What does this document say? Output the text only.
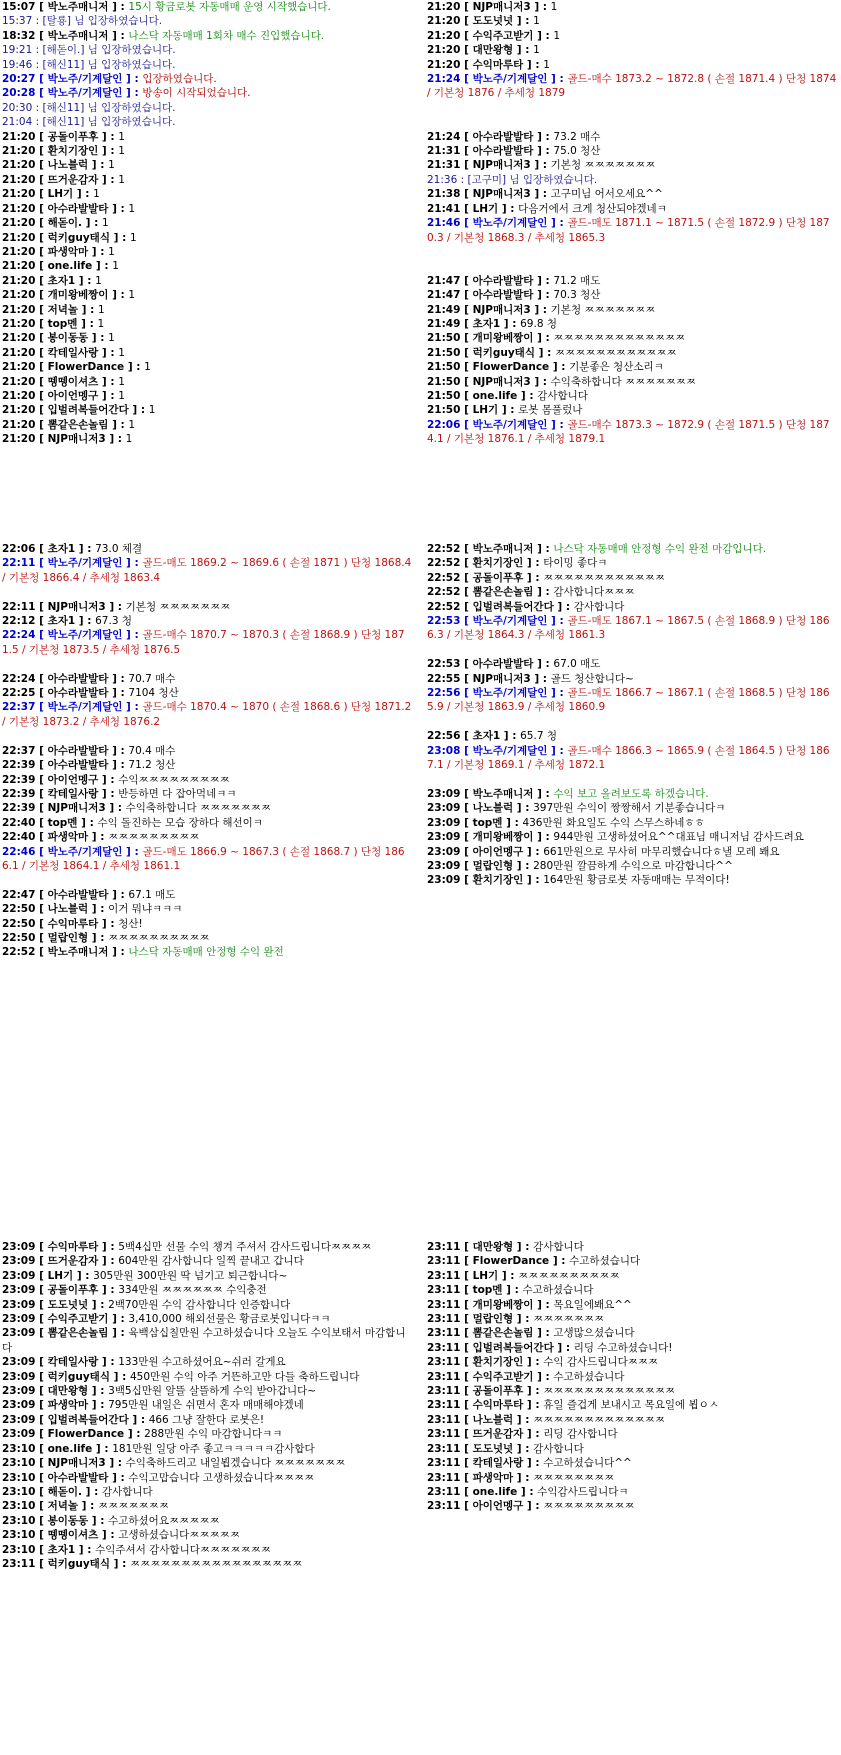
15:07 [ 박노주매니저 ] : 15시 황금로봇 자동매매 운영 시작했습니다.
15:37 : [탈룡] 님 입장하였습니다.
18:32 [ 박노주매니저 ] : 나스닥 자동매매 1회차 매수 진입했습니다.
19:21 : [해돋이.] 님 입장하였습니다.
19:46 : [해신11] 님 입장하였습니다.
20:27 [ 박노주/기계달인 ] : 입장하였습니다.
20:28 [ 박노주/기계달인 ] : 방송이 시작되었습니다.
20:30 : [해신11] 님 입장하였습니다.
21:04 : [해신11] 님 입장하였습니다.
21:20 [ 공돌이푸후 ] : 1
21:20 [ 환치기장인 ] : 1
21:20 [ 나노블럭 ] : 1
21:20 [ 뜨거운감자 ] : 1
21:20 [ LH기 ] : 1
21:20 [ 아수라발발타 ] : 1
21:20 [ 해돋이. ] : 1
21:20 [ 럭키guy태식 ] : 1
21:20 [ 파생악마 ] : 1
21:20 [ one.life ] : 1
21:20 [ 초자1 ] : 1
21:20 [ 개미왕베짱이 ] : 1
21:20 [ 저녁놀 ] : 1
21:20 [ top멘 ] : 1
21:20 [ 봉이동동 ] : 1
21:20 [ 칵테일사랑 ] : 1
21:20 [ FlowerDance ] : 1
21:20 [ 뗑뗑이셔츠 ] : 1
21:20 [ 아이언멩구 ] : 1
21:20 [ 입벌려복들어간다 ] : 1
21:20 [ 뽐같은손놀림 ] : 1
21:20 [ NJP매니저3 ] : 1
21:20 [ NJP매니저3 ] : 1
21:20 [ 도도넛넛 ] : 1
21:20 [ 수익주고받기 ] : 1
21:20 [ 대만왕형 ] : 1
21:20 [ 수익마루타 ] : 1
21:24 [ 박노주/기계달인 ] : 골드-매수 1873.2 ~ 1872.8 ( 손절 1871.4 ) 단청 1874 / 기본청 1876 / 추세청 1879

21:24 [ 아수라발발타 ] : 73.2 매수
21:31 [ 아수라발발타 ] : 75.0 청산
21:31 [ NJP매니저3 ] : 기본청 ㅉㅉㅉㅉㅉㅉㅉ
21:36 : [고구미] 님 입장하였습니다.
21:38 [ NJP매니저3 ] : 고구미님 어서오세요^^
21:41 [ LH기 ] : 다음거에서 크게 청산되야겠네ㅋ
21:46 [ 박노주/기계달인 ] : 골드-매도 1871.1 ~ 1871.5 ( 손절 1872.9 ) 단청 1870.3 / 기본청 1868.3 / 추세청 1865.3

21:47 [ 아수라발발타 ] : 71.2 매도
21:47 [ 아수라발발타 ] : 70.3 청산
21:49 [ NJP매니저3 ] : 기본청 ㅉㅉㅉㅉㅉㅉㅉ
21:49 [ 초자1 ] : 69.8 청
21:50 [ 개미왕베짱이 ] : ㅉㅉㅉㅉㅉㅉㅉㅉㅉㅉㅉㅉㅉ
21:50 [ 럭키guy태식 ] : ㅉㅉㅉㅉㅉㅉㅉㅉㅉㅉㅉㅉ
21:50 [ FlowerDance ] : 기분좋은 청산소리ㅋ
21:50 [ NJP매니저3 ] : 수익축하합니다 ㅉㅉㅉㅉㅉㅉㅉ
21:50 [ one.life ] : 감사합니다
21:50 [ LH기 ] : 로봇 몸풀렀나
22:06 [ 박노주/기계달인 ] : 골드-매수 1873.3 ~ 1872.9 ( 손절 1871.5 ) 단청 1874.1 / 기본청 1876.1 / 추세청 1879.1
22:06 [ 초자1 ] : 73.0 체결
22:11 [ 박노주/기계달인 ] : 골드-매도 1869.2 ~ 1869.6 ( 손절 1871 ) 단청 1868.4 / 기본청 1866.4 / 추세청 1863.4

22:11 [ NJP매니저3 ] : 기본청 ㅉㅉㅉㅉㅉㅉㅉ
22:12 [ 초자1 ] : 67.3 청
22:24 [ 박노주/기계달인 ] : 골드-매수 1870.7 ~ 1870.3 ( 손절 1868.9 ) 단청 1871.5 / 기본청 1873.5 / 추세청 1876.5

22:24 [ 아수라발발타 ] : 70.7 매수
22:25 [ 아수라발발타 ] : 7104 청산
22:37 [ 박노주/기계달인 ] : 골드-매수 1870.4 ~ 1870 ( 손절 1868.6 ) 단청 1871.2 / 기본청 1873.2 / 추세청 1876.2

22:37 [ 아수라발발타 ] : 70.4 매수
22:39 [ 아수라발발타 ] : 71.2 청산
22:39 [ 아이언멩구 ] : 수익ㅉㅉㅉㅉㅉㅉㅉㅉㅉ
22:39 [ 칵테일사랑 ] : 반등하면 다 잡아먹네ㅋㅋ
22:39 [ NJP매니저3 ] : 수익축하합니다 ㅉㅉㅉㅉㅉㅉㅉ
22:40 [ top멘 ] : 수익 돌진하는 모습 장하다 해선이ㅋ
22:40 [ 파생악마 ] : ㅉㅉㅉㅉㅉㅉㅉㅉㅉ
22:46 [ 박노주/기계달인 ] : 골드-매도 1866.9 ~ 1867.3 ( 손절 1868.7 ) 단청 1866.1 / 기본청 1864.1 / 추세청 1861.1

22:47 [ 아수라발발타 ] : 67.1 매도
22:50 [ 나노블럭 ] : 이거 뭐냐ㅋㅋㅋ
22:50 [ 수익마루타 ] : 청산!
22:50 [ 멀랍인형 ] : ㅉㅉㅉㅉㅉㅉㅉㅉㅉㅉ
22:52 [ 박노주매니저 ] : 나스닥 자동매매 안정형 수익 완전
22:52 [ 박노주매니저 ] : 나스닥 자동매매 안정형 수익 완전 마감입니다.
22:52 [ 환치기장인 ] : 타이밍 좋다ㅋ
22:52 [ 공돌이푸후 ] : ㅉㅉㅉㅉㅉㅉㅉㅉㅉㅉㅉㅉ
22:52 [ 뽐같은손놀림 ] : 감사합니다ㅉㅉㅉ
22:52 [ 입벌려복들어간다 ] : 감사합니다
22:53 [ 박노주/기계달인 ] : 골드-매도 1867.1 ~ 1867.5 ( 손절 1868.9 ) 단청 1866.3 / 기본청 1864.3 / 추세청 1861.3

22:53 [ 아수라발발타 ] : 67.0 매도
22:55 [ NJP매니저3 ] : 골드 청산합니다~
22:56 [ 박노주/기계달인 ] : 골드-매도 1866.7 ~ 1867.1 ( 손절 1868.5 ) 단청 1865.9 / 기본청 1863.9 / 추세청 1860.9

22:56 [ 초자1 ] : 65.7 청
23:08 [ 박노주/기계달인 ] : 골드-매수 1866.3 ~ 1865.9 ( 손절 1864.5 ) 단청 1867.1 / 기본청 1869.1 / 추세청 1872.1

23:09 [ 박노주매니저 ] : 수익 보고 올려보도록 하겠습니다.
23:09 [ 나노블럭 ] : 397만원 수익이 짱짱해서 기분좋습니다ㅋ
23:09 [ top멘 ] : 436만원 화요일도 수익 스무스하네ㅎㅎ
23:09 [ 개미왕베짱이 ] : 944만원 고생하셨어요^^대표님 매니저님 감사드려요
23:09 [ 아이언멩구 ] : 661만원으로 무사히 마무리했습니다ㅎ낼 모레 봬요
23:09 [ 멀랍인형 ] : 280만원 깔끔하게 수익으로 마감합니다^^
23:09 [ 환치기장인 ] : 164만원 황금로봇 자동매매는 무적이다!
23:09 [ 수익마루타 ] : 5백4십만 선물 수익 챙겨 주셔서 감사드립니다ㅉㅉㅉㅉ
23:09 [ 뜨거운감자 ] : 604만원 감사합니다 일찍 끝내고 갑니다
23:09 [ LH기 ] : 305만원 300만원 딱 넘기고 퇴근합니다~
23:09 [ 공돌이푸후 ] : 334만원 ㅉㅉㅉㅉㅉㅉ 수익충전
23:09 [ 도도넛넛 ] : 2백70만원 수익 감사합니다 인증합니다
23:09 [ 수익주고받기 ] : 3,410,000 해외선물은 황금로봇입니다ㅋㅋ
23:09 [ 뽐같은손놀림 ] : 육백삼십칠만원 수고하셨습니다 오늘도 수익보태서 마감합니다
23:09 [ 칵테일사랑 ] : 133만원 수고하셨어요~쉬러 갈게요
23:09 [ 럭키guy태식 ] : 450만원 수익 아주 거뜬하고만 다들 축하드립니다
23:09 [ 대만왕형 ] : 3백5십만원 알뜰 살뜰하게 수익 받아갑니다~
23:09 [ 파생악마 ] : 795만원 내일은 쉬면서 혼자 매매해야겠네
23:09 [ 입벌려복들어간다 ] : 466 그냥 잘한다 로봇은!
23:09 [ FlowerDance ] : 288만원 수익 마감합니다ㅋㅋ
23:10 [ one.life ] : 181만원 일당 아주 좋고ㅋㅋㅋㅋㅋ감사합다
23:10 [ NJP매니저3 ] : 수익축하드리고 내일뵙겠습니다 ㅉㅉㅉㅉㅉㅉㅉ
23:10 [ 아수라발발타 ] : 수익고맙습니다 고생하셨습니다ㅉㅉㅉㅉ
23:10 [ 해돋이. ] : 감사합니다
23:10 [ 저녁놀 ] : ㅉㅉㅉㅉㅉㅉㅉ
23:10 [ 봉이동동 ] : 수고하셨어요ㅉㅉㅉㅉㅉ
23:10 [ 뗑뗑이셔츠 ] : 고생하셨습니다ㅉㅉㅉㅉㅉ
23:10 [ 초자1 ] : 수익주셔서 감사합니다ㅉㅉㅉㅉㅉㅉㅉ
23:11 [ 럭키guy태식 ] : ㅉㅉㅉㅉㅉㅉㅉㅉㅉㅉㅉㅉㅉㅉㅉㅉㅉ
23:11 [ 대만왕형 ] : 감사합니다
23:11 [ FlowerDance ] : 수고하셨습니다
23:11 [ LH기 ] : ㅉㅉㅉㅉㅉㅉㅉㅉㅉㅉ
23:11 [ top멘 ] : 수고하셨습니다
23:11 [ 개미왕베짱이 ] : 목요일에봬요^^
23:11 [ 멀랍인형 ] : ㅉㅉㅉㅉㅉㅉㅉ
23:11 [ 뽐같은손놀림 ] : 고생많으셨습니다
23:11 [ 입벌려복들어간다 ] : 리딩 수고하셨습니다!
23:11 [ 환치기장인 ] : 수익 감사드립니다ㅉㅉㅉ
23:11 [ 수익주고받기 ] : 수고하셨습니다
23:11 [ 공돌이푸후 ] : ㅉㅉㅉㅉㅉㅉㅉㅉㅉㅉㅉㅉㅉ
23:11 [ 수익마루타 ] : 휴일 즐겁게 보내시고 목요일에 뵙ㅇㅅ
23:11 [ 나노블럭 ] : ㅉㅉㅉㅉㅉㅉㅉㅉㅉㅉㅉㅉㅉ
23:11 [ 뜨거운감자 ] : 리딩 감사합니다
23:11 [ 도도넛넛 ] : 감사합니다
23:11 [ 칵테일사랑 ] : 수고하셨습니다^^
23:11 [ 파생악마 ] : ㅉㅉㅉㅉㅉㅉㅉㅉ
23:11 [ one.life ] : 수익감사드립니다ㅋ
23:11 [ 아이언멩구 ] : ㅉㅉㅉㅉㅉㅉㅉㅉㅉ
